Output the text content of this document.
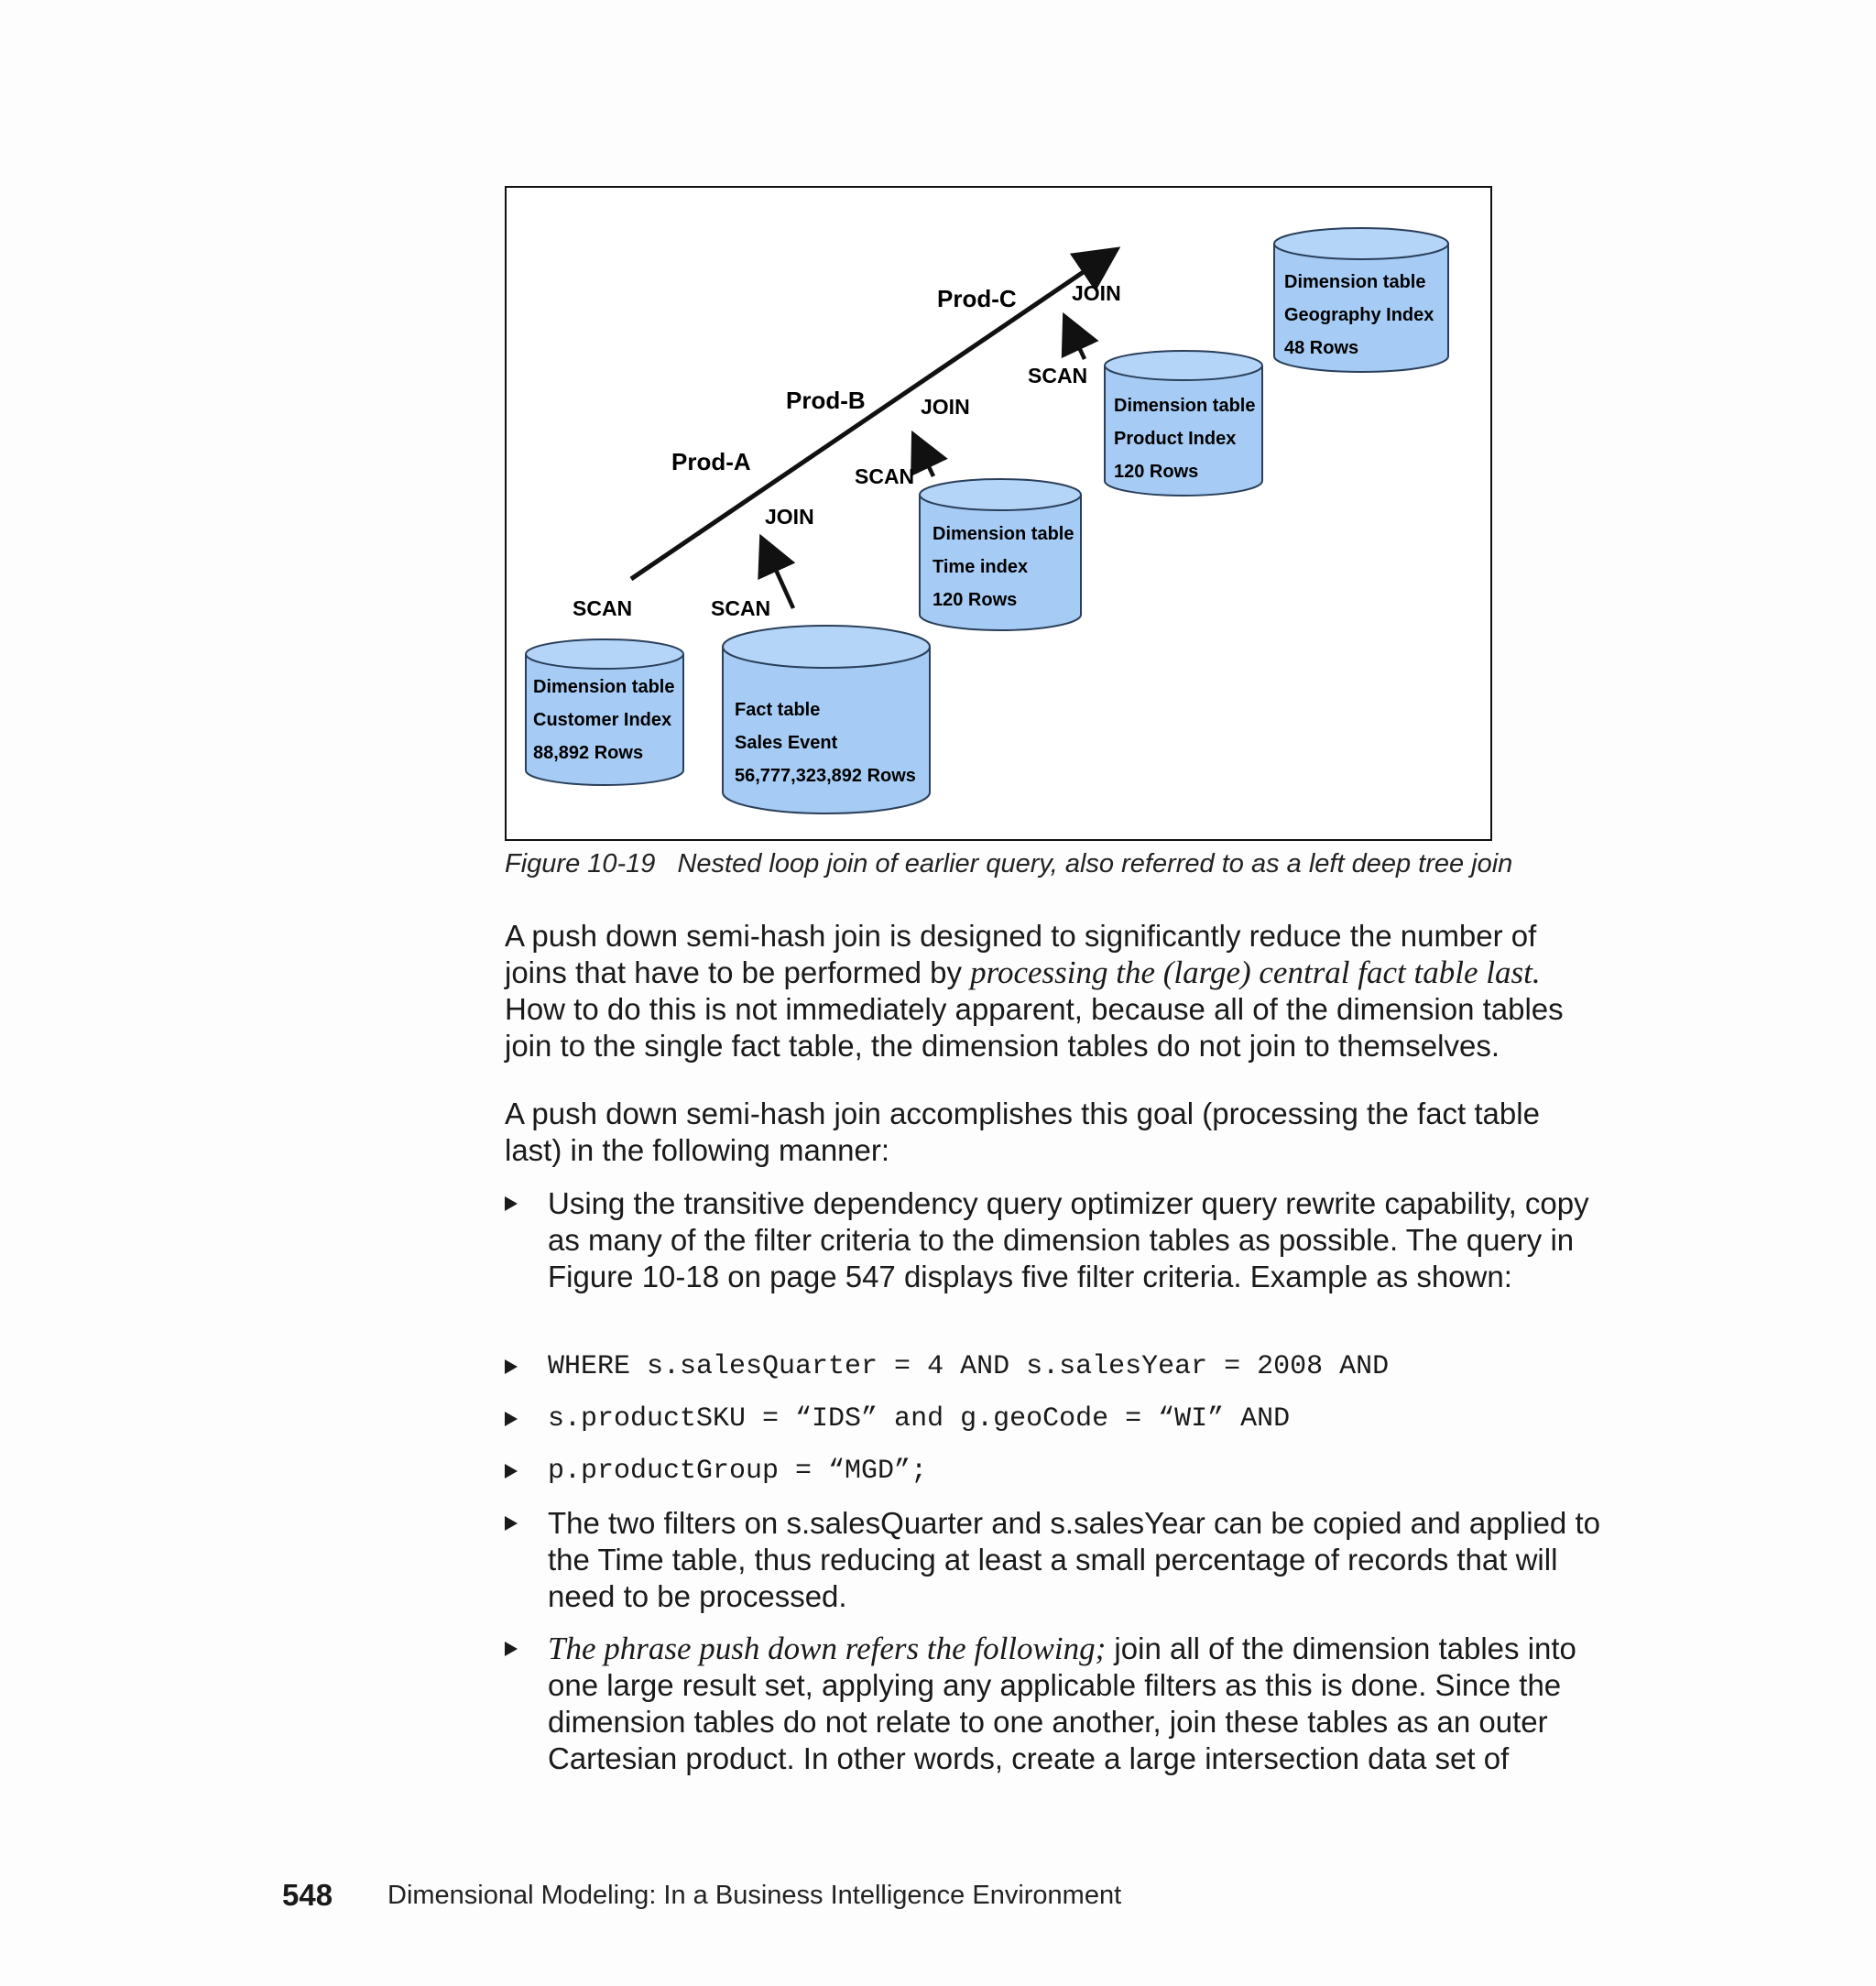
Prod-A
Prod-B
Prod-C
SCAN	SCAN
JOIN
SCAN
JOIN
SCAN
JOIN
Dimension table
Customer Index
88,892 Rows
Fact table
Sales Event
56,777,323,892 Rows
Dimension table
Time index
120 Rows
Dimension table
Product Index
120 Rows
Dimension table
Geography Index
48 Rows
Figure 10-19 Nested loop join of earlier query, also referred to as a left deep tree join
A push down semi-hash join is designed to significantly reduce the number of joins that have to be performed by processing the (large) central fact table last. How to do this is not immediately apparent, because all of the dimension tables join to the single fact table, the dimension tables do not join to themselves.
A push down semi-hash join accomplishes this goal (processing the fact table last) in the following manner:
Using the transitive dependency query optimizer query rewrite capability, copy as many of the filter criteria to the dimension tables as possible. The query in Figure 10-18 on page 547 displays five filter criteria. Example as shown:
WHERE s.salesQuarter = 4 AND s.salesYear = 2008 AND
s.productSKU = “IDS” and g.geoCode = “WI” AND
p.productGroup = “MGD”;
The two filters on s.salesQuarter and s.salesYear can be copied and applied to the Time table, thus reducing at least a small percentage of records that will need to be processed.
The phrase push down refers the following; join all of the dimension tables into one large result set, applying any applicable filters as this is done. Since the dimension tables do not relate to one another, join these tables as an outer Cartesian product. In other words, create a large intersection data set of
548 Dimensional Modeling: In a Business Intelligence Environment
